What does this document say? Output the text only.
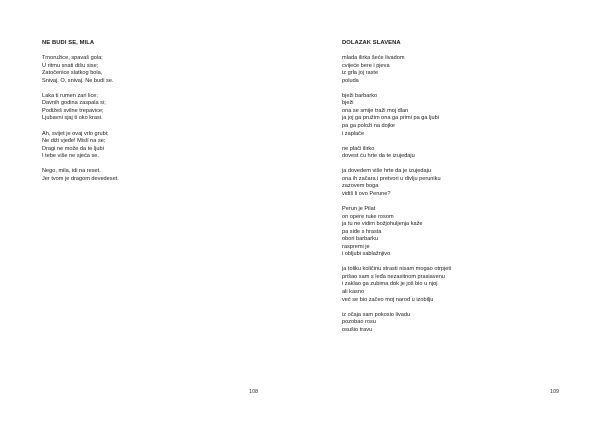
NE BUDI SE, MILA
Trnoružice, spavaš gola;
U ritmu snati dišu sise;
Zatočenice slatkog bola,
Snivaj. O, snivaj. Ne budi se.
Laka ti rumen zari lice;
Davnih godina zaspala si;
Podižeš svilne trepavice;
Ljubavni sjaj ti oko krasi.
Ah, svijet je ovaj vrlo grubi;
Ne diži vjeđe! Mislí na se;
Dragi ne može da te ljubi
I tebe više ne sjeća se.
Nego, mila, idi na reset.
Jer tvom je dragom devedeset.
108
DOLAZAK SLAVENA
mlada ilirka šeće livadom
cvijeće bere i pjeva
iz grla joj raste
poluda
bježi barbarko
bježi
ona se smije traži moj dlan
ja joj ga pružim ona ga primi pa ga ljubi
pa ga položi na dojke
i zaplače
ne plači ilirko
dovest ću hrte da te izujedaju
ja dovedem više hrte da je izujedaju
ona ih začara i pretvori u divlju peruniku
zazovem boga
vidiš li ovo Perune?
Perun je Pilat
on opere ruke rosom
ja tu ne vidim božjohuljenja kaže
pa siđe s hrasta
obori barbarku
raspremi je
i obljubi sablažnjivo
ja toliku količinu strasti nisam mogao otrpjeti
prišao sam s leđa nezasitnom prasiavenu
i zaklao ga zubima dok je još bio u njoj
ali kasno
već se bio začeo moj narod u izobilju
iz očaja sam pokosio livadu
pozobao rosu
osušio travu
109
